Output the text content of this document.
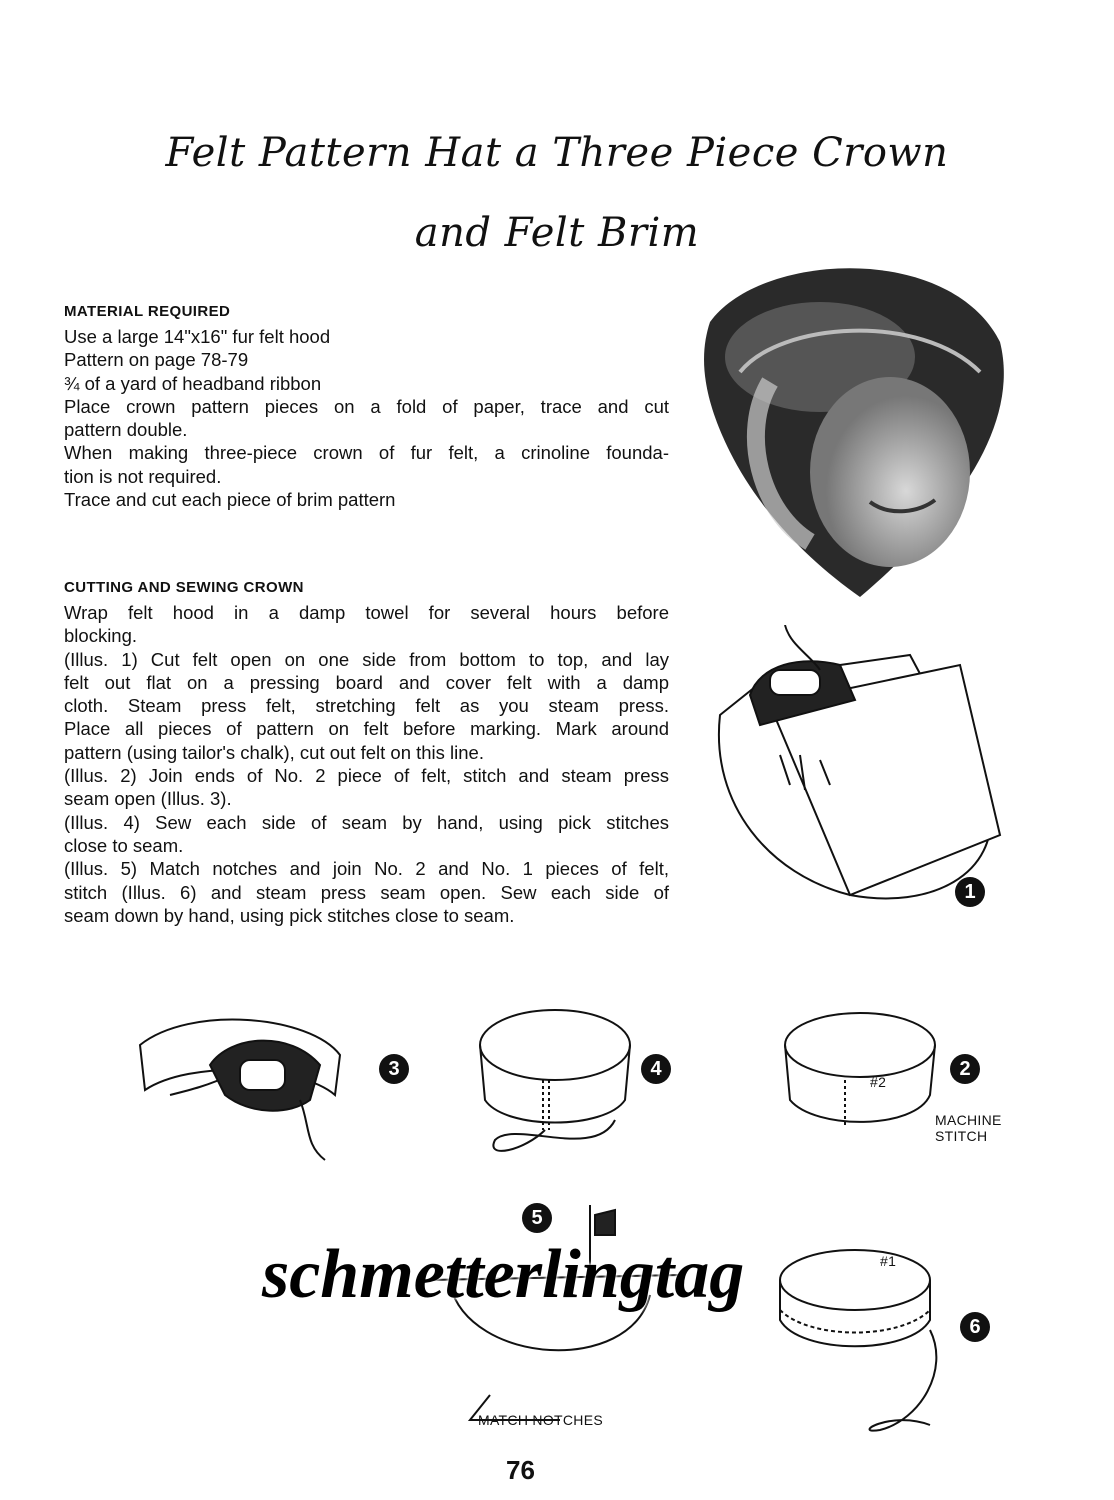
Felt Pattern Hat a Three Piece Crown
and Felt Brim
MATERIAL REQUIRED
Use a large 14"x16" fur felt hood
Pattern on page 78-79
¾ of a yard of headband ribbon
Place crown pattern pieces on a fold of paper, trace and cut
pattern double.
When making three-piece crown of fur felt, a crinoline founda-
tion is not required.
Trace and cut each piece of brim pattern
CUTTING AND SEWING CROWN
Wrap felt hood in a damp towel for several hours before
blocking.
(Illus. 1) Cut felt open on one side from bottom to top, and lay
felt out flat on a pressing board and cover felt with a damp
cloth. Steam press felt, stretching felt as you steam press.
Place all pieces of pattern on felt before marking. Mark around
pattern (using tailor's chalk), cut out felt on this line.
(Illus. 2) Join ends of No. 2 piece of felt, stitch and steam press
seam open (Illus. 3).
(Illus. 4) Sew each side of seam by hand, using pick stitches
close to seam.
(Illus. 5) Match notches and join No. 2 and No. 1 pieces of felt,
stitch (Illus. 6) and steam press seam open. Sew each side of
seam down by hand, using pick stitches close to seam.
1
3	4
#2
2
MACHINE
STITCH
5
MATCH NOTCHES
#1
6
schmetterlingtag
76
